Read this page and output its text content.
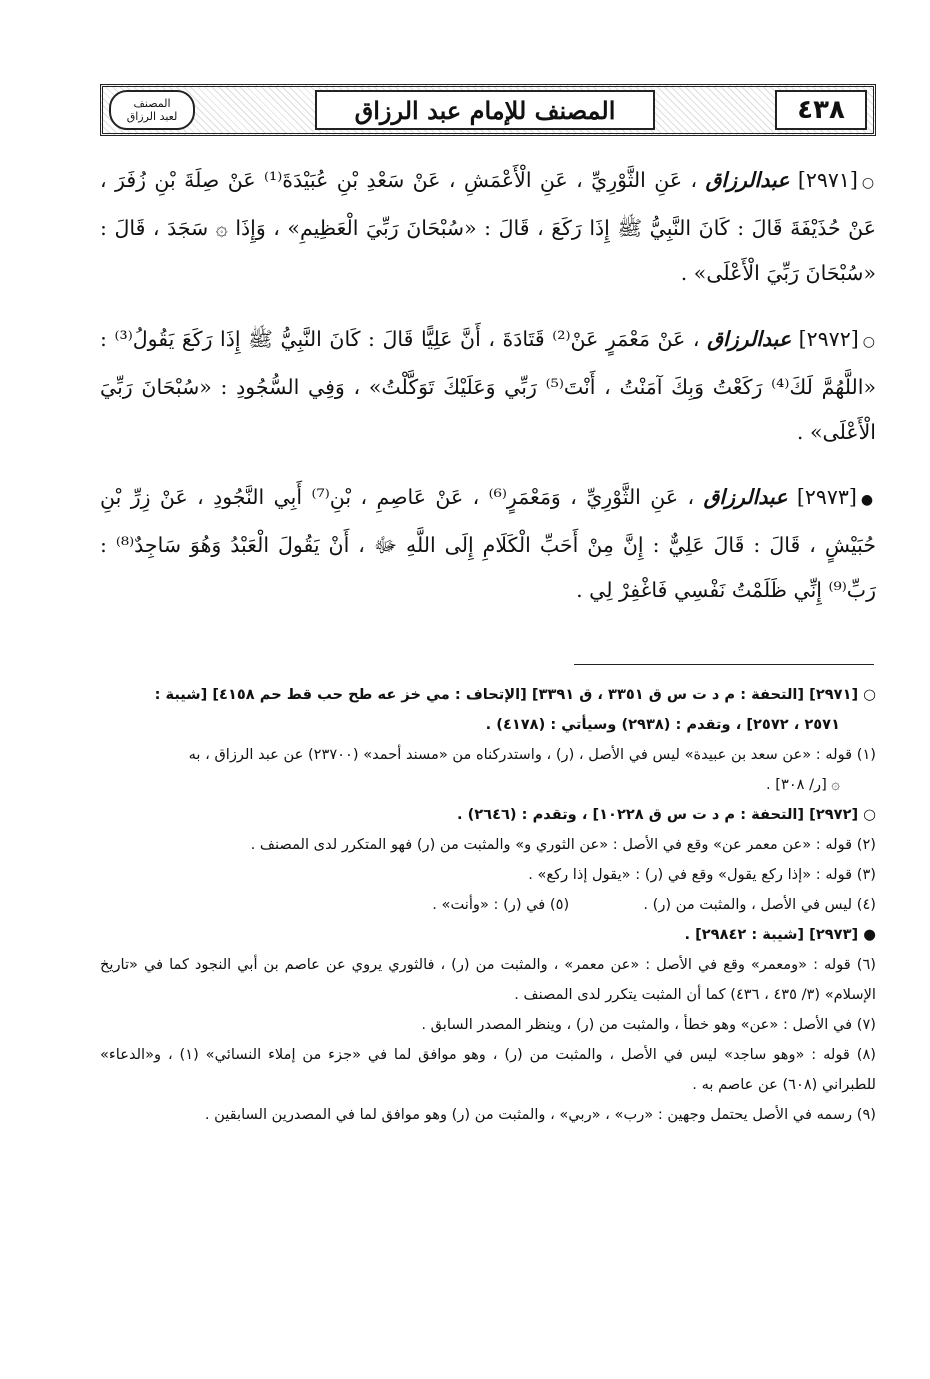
٤٣٨
المصنف للإمام عبد الرزاق
المصنف
لعبد الرزاق

○[٢٩٧١] عبدالرزاق ، عَنِ الثَّوْرِيِّ ، عَنِ الْأَعْمَشِ ، عَنْ سَعْدِ بْنِ عُبَيْدَةَ⁽¹⁾ عَنْ صِلَةَ بْنِ زُفَرَ ، عَنْ حُذَيْفَةَ قَالَ : كَانَ النَّبِيُّ ﷺ إِذَا رَكَعَ ، قَالَ : «سُبْحَانَ رَبِّيَ الْعَظِيمِ» ، وَإِذَا ۞ سَجَدَ ، قَالَ : «سُبْحَانَ رَبِّيَ الْأَعْلَى» .

○[٢٩٧٢] عبدالرزاق ، عَنْ مَعْمَرٍ عَنْ⁽²⁾ قَتَادَةَ ، أَنَّ عَلِيًّا قَالَ : كَانَ النَّبِيُّ ﷺ إِذَا رَكَعَ يَقُولُ⁽³⁾ : «اللَّهُمَّ لَكَ⁽⁴⁾ رَكَعْتُ وَبِكَ آمَنْتُ ، أَنْتَ⁽⁵⁾ رَبِّي وَعَلَيْكَ تَوَكَّلْتُ» ، وَفِي السُّجُودِ : «سُبْحَانَ رَبِّيَ الْأَعْلَى» .

●[٢٩٧٣] عبدالرزاق ، عَنِ الثَّوْرِيِّ ، وَمَعْمَرٍ⁽⁶⁾ ، عَنْ عَاصِمِ ، بْنِ⁽⁷⁾ أَبِي النَّجُودِ ، عَنْ زِرِّ بْنِ حُبَيْشٍ ، قَالَ : قَالَ عَلِيٌّ : إِنَّ مِنْ أَحَبِّ الْكَلَامِ إِلَى اللَّهِ ﷻ ، أَنْ يَقُولَ الْعَبْدُ وَهُوَ سَاجِدٌ⁽⁸⁾ : رَبِّ⁽⁹⁾ إِنِّي ظَلَمْتُ نَفْسِي فَاغْفِرْ لِي .

○ [٢٩٧١] [التحفة : م د ت س ق ٣٣٥١ ، ق ٣٣٩١] [الإتحاف : مي خز عه طح حب قط حم ٤١٥٨] [شيبة :

٢٥٧١ ، ٢٥٧٢] ، وتقدم : (٢٩٣٨) وسيأتي : (٤١٧٨) .

(١) قوله : «عن سعد بن عبيدة» ليس في الأصل ، (ر) ، واستدركناه من «مسند أحمد» (٢٣٧٠٠) عن عبد الرزاق ، به

۞ [ر/ ٣٠٨] .

○ [٢٩٧٢] [التحفة : م د ت س ق ١٠٢٢٨] ، وتقدم : (٢٦٤٦) .

(٢) قوله : «عن معمر عن» وقع في الأصل : «عن الثوري و» والمثبت من (ر) فهو المتكرر لدى المصنف .

(٣) قوله : «إذا ركع يقول» وقع في (ر) : «يقول إذا ركع» .

(٤) ليس في الأصل ، والمثبت من (ر) .                (٥) في (ر) : «وأنت» .

● [٢٩٧٣] [شيبة : ٢٩٨٤٢] .

(٦) قوله : «ومعمر» وقع في الأصل : «عن معمر» ، والمثبت من (ر) ، فالثوري يروي عن عاصم بن أبي النجود كما في «تاريخ الإسلام» (٣/ ٤٣٥ ، ٤٣٦) كما أن المثبت يتكرر لدى المصنف .

(٧) في الأصل : «عن» وهو خطأ ، والمثبت من (ر) ، وينظر المصدر السابق .

(٨) قوله : «وهو ساجد» ليس في الأصل ، والمثبت من (ر) ، وهو موافق لما في «جزء من إملاء النسائي» (١) ، و«الدعاء» للطبراني (٦٠٨) عن عاصم به .

(٩) رسمه في الأصل يحتمل وجهين : «رب» ، «ربي» ، والمثبت من (ر) وهو موافق لما في المصدرين السابقين .
